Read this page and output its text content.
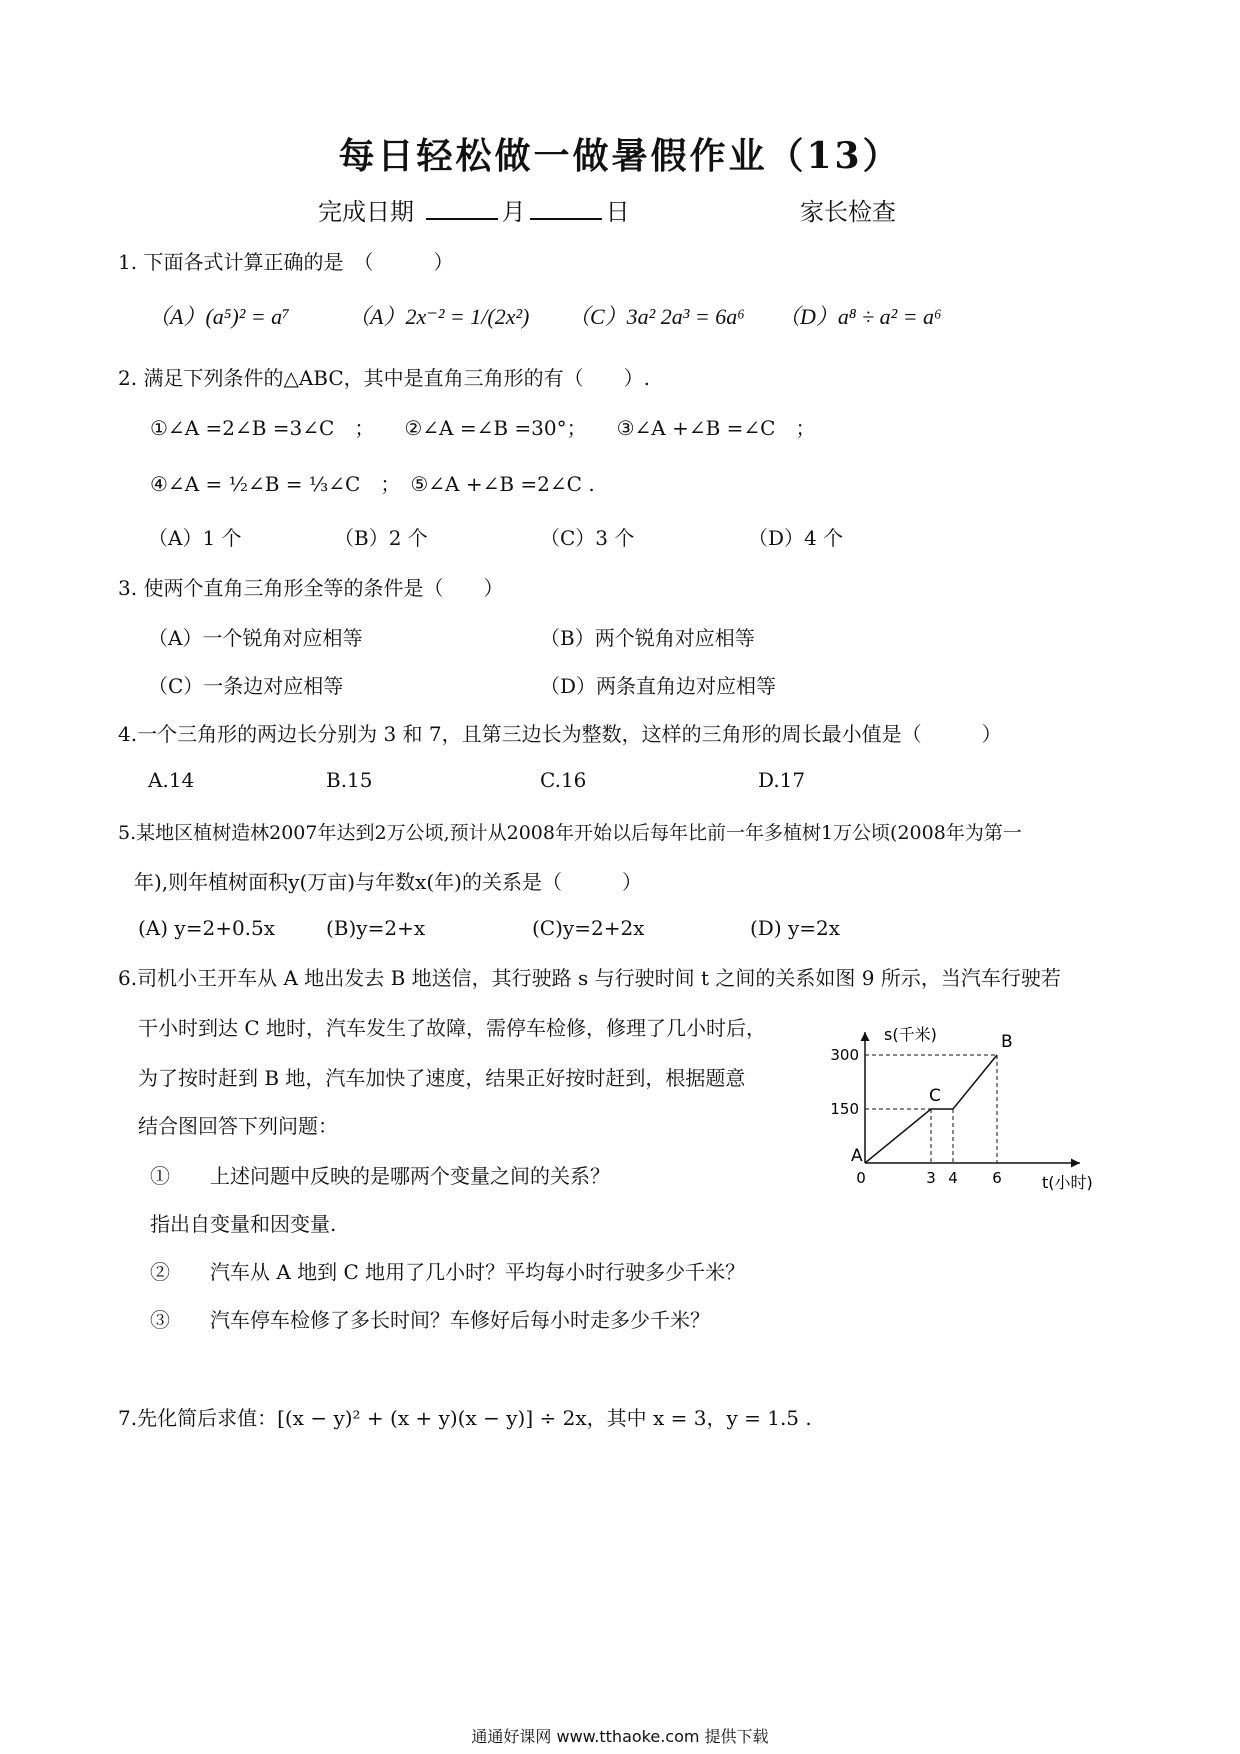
每日轻松做一做暑假作业（13）
完成日期	月	日	家长检查
1. 下面各式计算正确的是　（　　　）
（A）(a⁵)² = a⁷	（A）2x⁻² = 1/(2x²) （C）3a² 2a³ = 6a⁶ （D）a⁸ ÷ a² = a⁶
2. 满足下列条件的△ABC，其中是直角三角形的有（　　）.
①∠A =2∠B =3∠C　；　　②∠A =∠B =30°；　　③∠A +∠B =∠C　；
④∠A = ½∠B = ⅓∠C　；　⑤∠A +∠B =2∠C .
（A）1 个	（B）2 个	（C）3 个	（D）4 个
3. 使两个直角三角形全等的条件是（　　）
（A）一个锐角对应相等	（B）两个锐角对应相等
（C）一条边对应相等	（D）两条直角边对应相等
4.一个三角形的两边长分别为 3 和 7，且第三边长为整数，这样的三角形的周长最小值是（　　　）
A.14	B.15	C.16	D.17
5.某地区植树造林2007年达到2万公顷,预计从2008年开始以后每年比前一年多植树1万公顷(2008年为第一
年),则年植树面积y(万亩)与年数x(年)的关系是（　　　）
(A) y=2+0.5x	(B)y=2+x	(C)y=2+2x	(D) y=2x
6.司机小王开车从 A 地出发去 B 地送信，其行驶路 s 与行驶时间 t 之间的关系如图 9 所示，当汽车行驶若
干小时到达 C 地时，汽车发生了故障，需停车检修，修理了几小时后，
为了按时赶到 B 地，汽车加快了速度，结果正好按时赶到，根据题意
结合图回答下列问题：
①　　上述问题中反映的是哪两个变量之间的关系？
指出自变量和因变量.
②　　汽车从 A 地到 C 地用了几小时？平均每小时行驶多少千米？
③　　汽车停车检修了多长时间？车修好后每小时走多少千米？
150
300
0	3 4 6
A
C
B
s(千米)
t(小时)
7.先化简后求值：[(x − y)² + (x + y)(x − y)] ÷ 2x，其中 x = 3，y = 1.5 .
通通好课网 www.tthaoke.com 提供下载
